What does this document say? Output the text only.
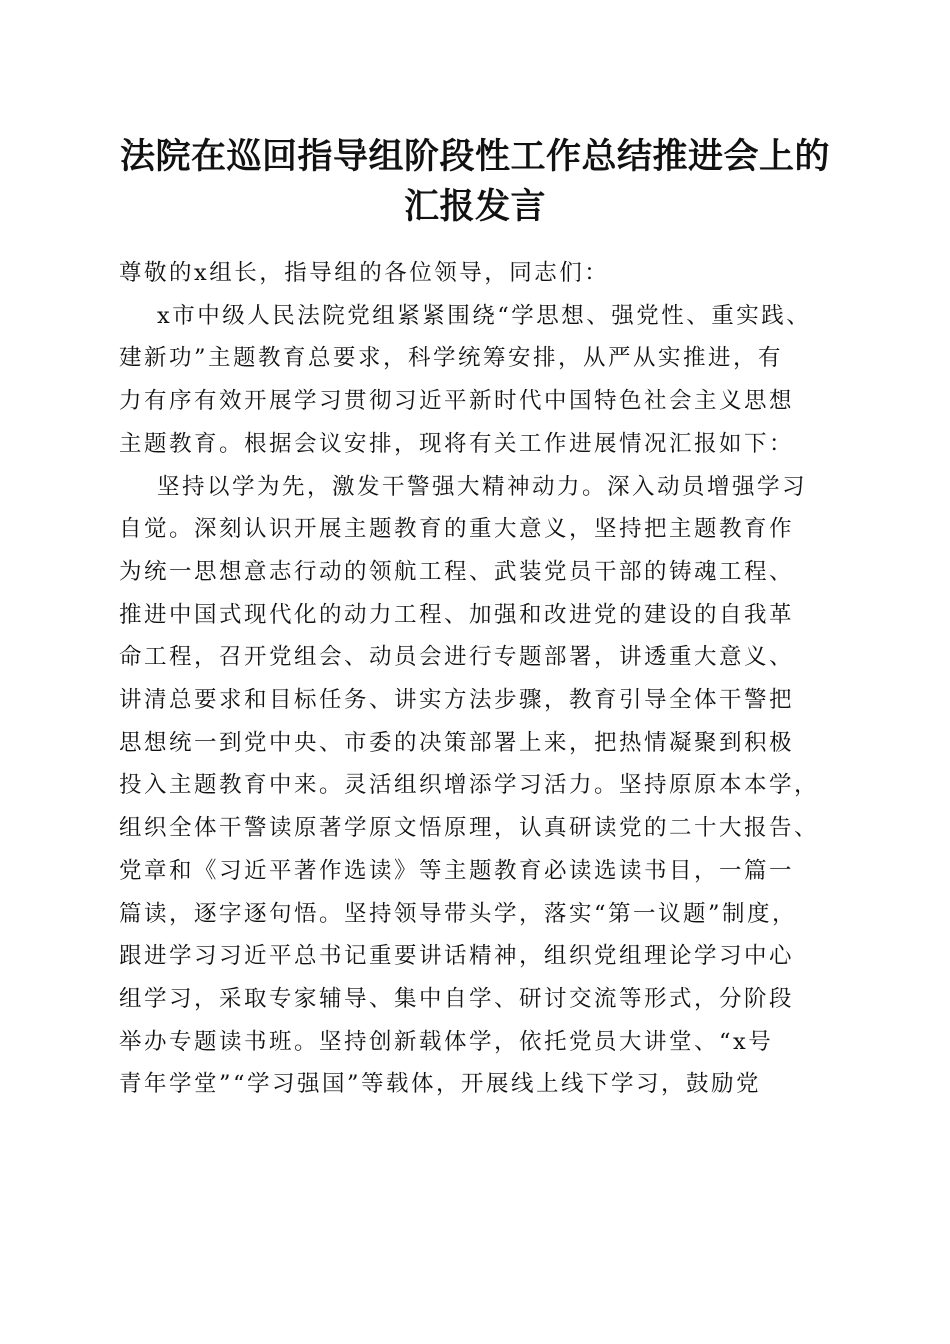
法院在巡回指导组阶段性工作总结推进会上的
汇报发言

尊敬的x组长，指导组的各位领导，同志们：

x市中级人民法院党组紧紧围绕“学思想、强党性、重实践、

建新功”主题教育总要求，科学统筹安排，从严从实推进，有

力有序有效开展学习贯彻习近平新时代中国特色社会主义思想

主题教育。根据会议安排，现将有关工作进展情况汇报如下：

坚持以学为先，激发干警强大精神动力。深入动员增强学习

自觉。深刻认识开展主题教育的重大意义，坚持把主题教育作

为统一思想意志行动的领航工程、武装党员干部的铸魂工程、

推进中国式现代化的动力工程、加强和改进党的建设的自我革

命工程，召开党组会、动员会进行专题部署，讲透重大意义、

讲清总要求和目标任务、讲实方法步骤，教育引导全体干警把

思想统一到党中央、市委的决策部署上来，把热情凝聚到积极

投入主题教育中来。灵活组织增添学习活力。坚持原原本本学，

组织全体干警读原著学原文悟原理，认真研读党的二十大报告、

党章和《习近平著作选读》等主题教育必读选读书目，一篇一

篇读，逐字逐句悟。坚持领导带头学，落实“第一议题”制度，

跟进学习习近平总书记重要讲话精神，组织党组理论学习中心

组学习，采取专家辅导、集中自学、研讨交流等形式，分阶段

举办专题读书班。坚持创新载体学，依托党员大讲堂、“x号

青年学堂”“学习强国”等载体，开展线上线下学习，鼓励党
